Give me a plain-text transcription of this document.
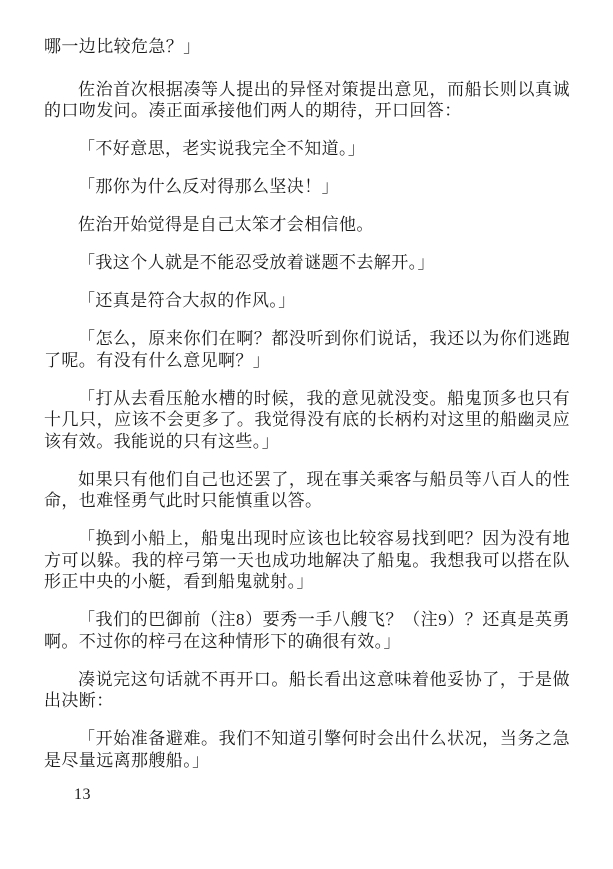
哪一边比较危急？」

佐治首次根据凑等人提出的异怪对策提出意见，而船长则以真诚的口吻发问。凑正面承接他们两人的期待，开口回答：

「不好意思，老实说我完全不知道。」

「那你为什么反对得那么坚决！」

佐治开始觉得是自己太笨才会相信他。

「我这个人就是不能忍受放着谜题不去解开。」

「还真是符合大叔的作风。」

「怎么，原来你们在啊？都没听到你们说话，我还以为你们逃跑了呢。有没有什么意见啊？」

「打从去看压舱水槽的时候，我的意见就没变。船鬼顶多也只有十几只，应该不会更多了。我觉得没有底的长柄杓对这里的船幽灵应该有效。我能说的只有这些。」

如果只有他们自己也还罢了，现在事关乘客与船员等八百人的性命，也难怪勇气此时只能慎重以答。

「换到小船上，船鬼出现时应该也比较容易找到吧？因为没有地方可以躲。我的梓弓第一天也成功地解决了船鬼。我想我可以搭在队形正中央的小艇，看到船鬼就射。」

「我们的巴御前（注8）要秀一手八艘飞？（注9）？还真是英勇啊。不过你的梓弓在这种情形下的确很有效。」

凑说完这句话就不再开口。船长看出这意味着他妥协了，于是做出决断：

「开始准备避难。我们不知道引擎何时会出什么状况，当务之急是尽量远离那艘船。」

13
